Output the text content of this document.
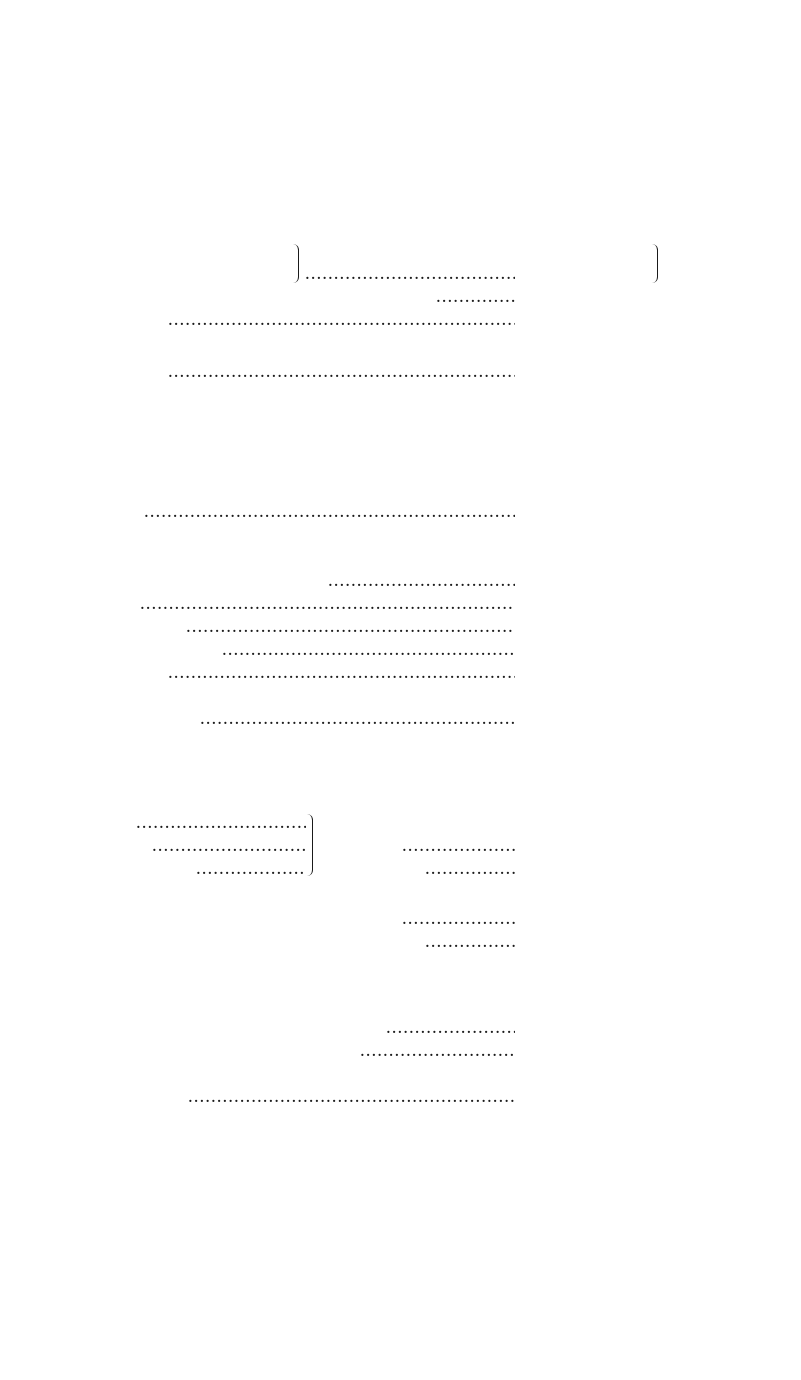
.....
.....
.....
.....
.....
.....
.....
.....
.....
.....
.....
.....
.....
.....
.....
.....
.....
.....
.....
.....
.....
